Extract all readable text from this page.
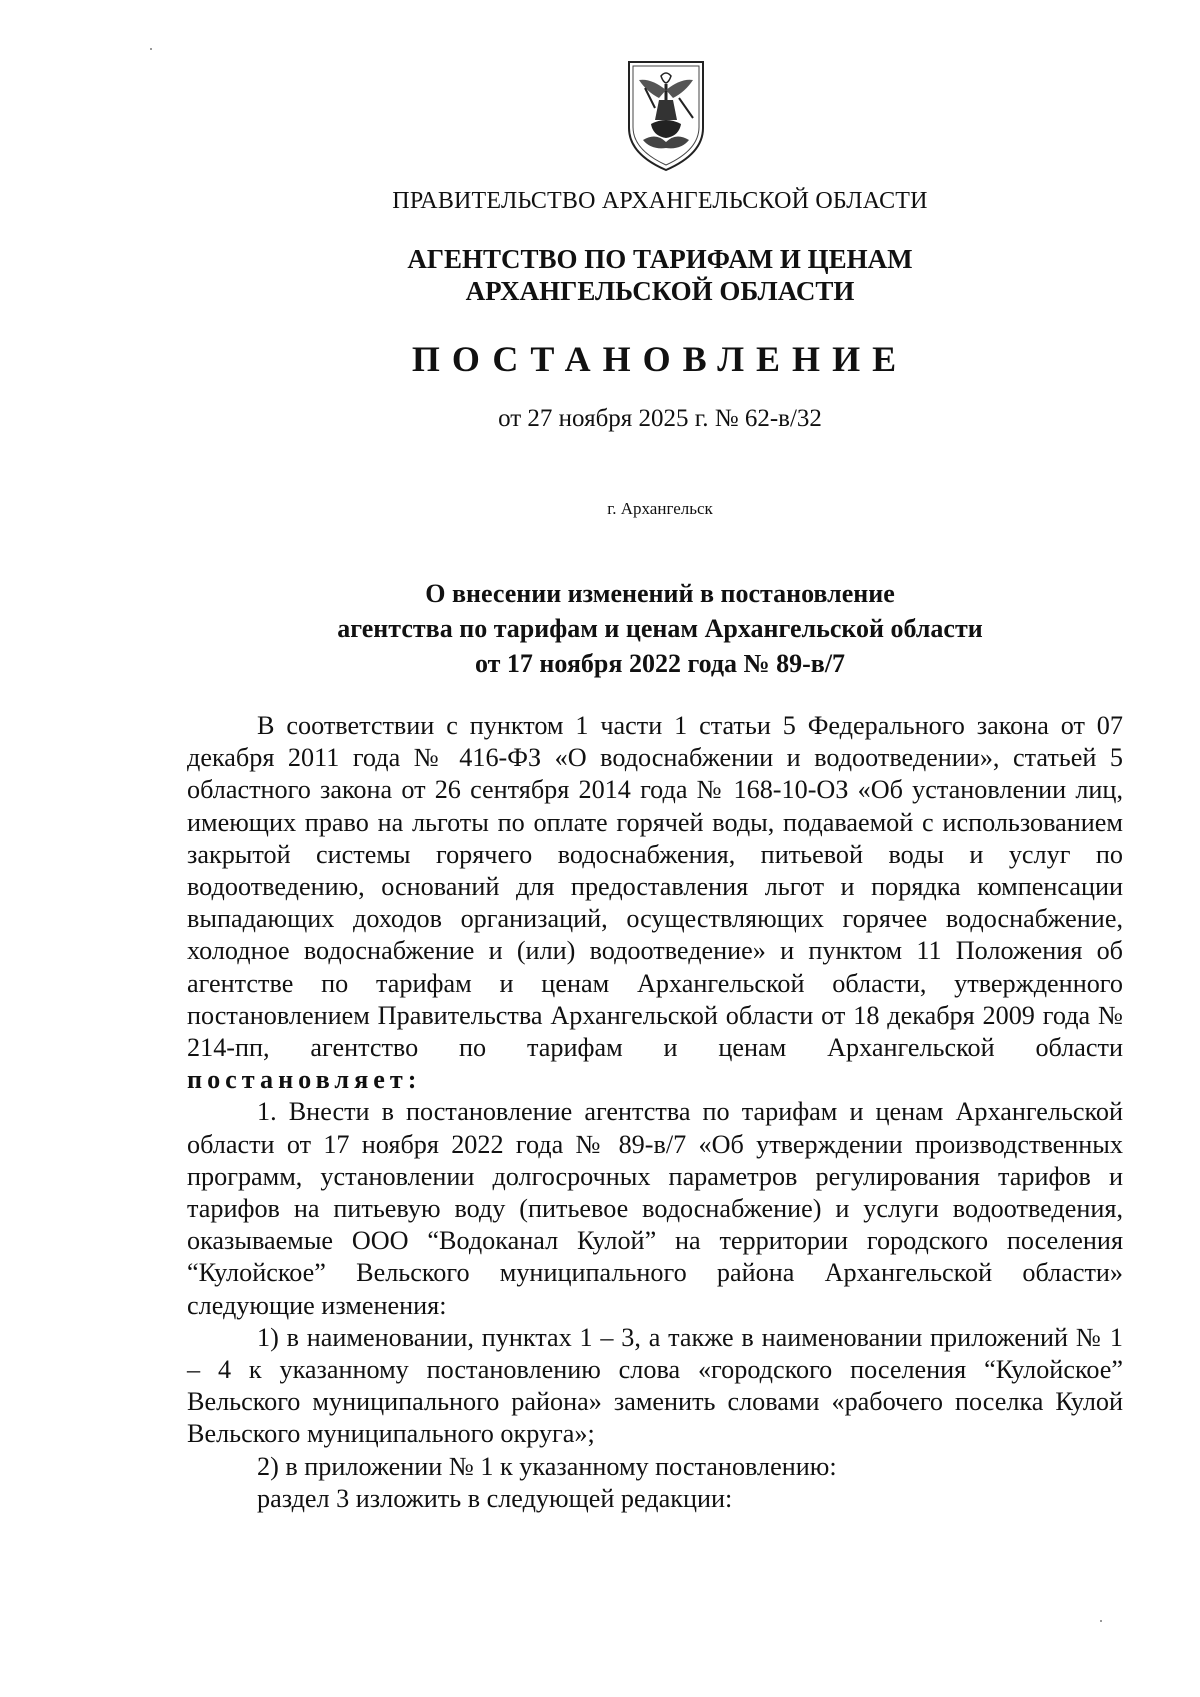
ПРАВИТЕЛЬСТВО АРХАНГЕЛЬСКОЙ ОБЛАСТИ
АГЕНТСТВО ПО ТАРИФАМ И ЦЕНАМ
АРХАНГЕЛЬСКОЙ ОБЛАСТИ
ПОСТАНОВЛЕНИЕ
от 27 ноября 2025 г. № 62-в/32
г. Архангельск
О внесении изменений в постановление
агентства по тарифам и ценам Архангельской области
от 17 ноября 2022 года № 89-в/7

В соответствии с пунктом 1 части 1 статьи 5 Федерального закона от 07 декабря 2011 года № 416-ФЗ «О водоснабжении и водоотведении», статьей 5 областного закона от 26 сентября 2014 года № 168-10-ОЗ «Об установлении лиц, имеющих право на льготы по оплате горячей воды, подаваемой с использованием закрытой системы горячего водоснабжения, питьевой воды и услуг по водоотведению, оснований для предоставления льгот и порядка компенсации выпадающих доходов организаций, осуществляющих горячее водоснабжение, холодное водоснабжение и (или) водоотведение» и пунктом 11 Положения об агентстве по тарифам и ценам Архангельской области, утвержденного постановлением Правительства Архангельской области от 18 декабря 2009 года № 214-пп, агентство по тарифам и ценам Архангельской области постановляет:

1. Внести в постановление агентства по тарифам и ценам Архангельской области от 17 ноября 2022 года № 89-в/7 «Об утверждении производственных программ, установлении долгосрочных параметров регулирования тарифов и тарифов на питьевую воду (питьевое водоснабжение) и услуги водоотведения, оказываемые ООО “Водоканал Кулой” на территории городского поселения “Кулойское” Вельского муниципального района Архангельской области» следующие изменения:

1) в наименовании, пунктах 1 – 3, а также в наименовании приложений № 1 – 4 к указанному постановлению слова «городского поселения “Кулойское” Вельского муниципального района» заменить словами «рабочего поселка Кулой Вельского муниципального округа»;

2) в приложении № 1 к указанному постановлению:

раздел 3 изложить в следующей редакции:
